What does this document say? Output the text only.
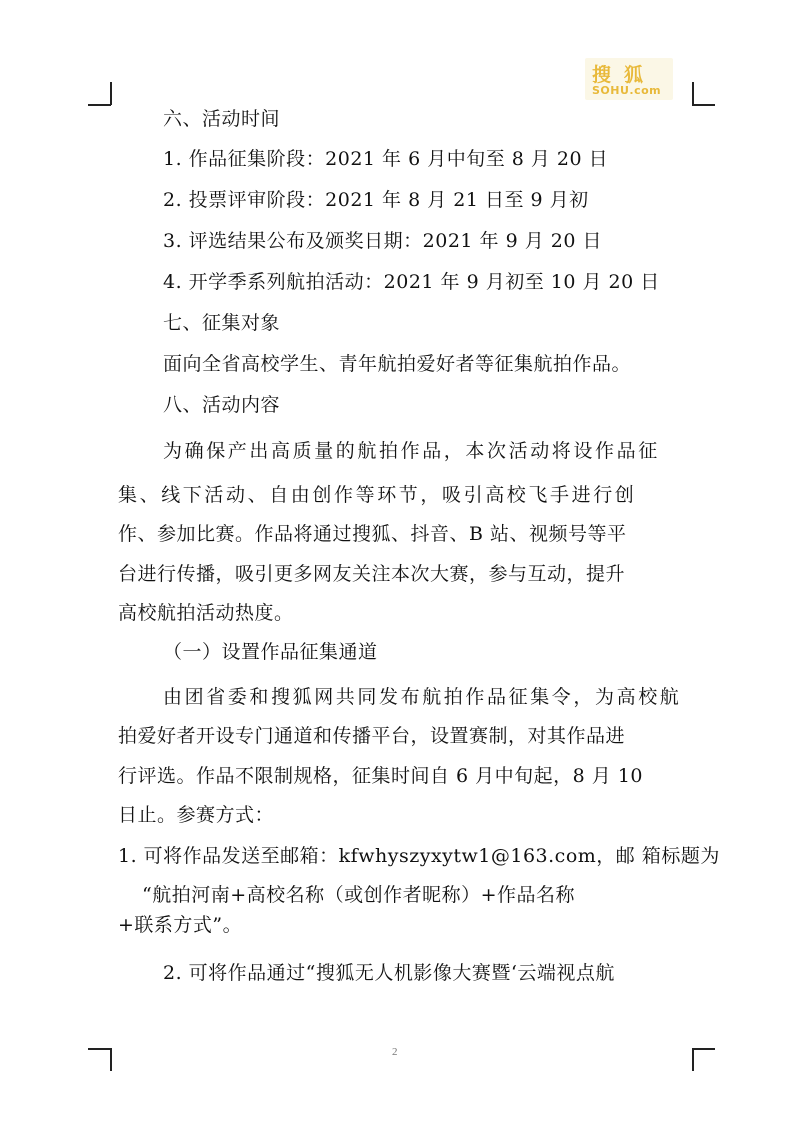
搜狐
SOHU.com
六、活动时间
1. 作品征集阶段：2021 年 6 月中旬至 8 月 20 日
2. 投票评审阶段：2021 年 8 月 21 日至 9 月初
3. 评选结果公布及颁奖日期：2021 年 9 月 20 日
4. 开学季系列航拍活动：2021 年 9 月初至 10 月 20 日
七、征集对象
面向全省高校学生、青年航拍爱好者等征集航拍作品。
八、活动内容
为确保产出高质量的航拍作品，本次活动将设作品征
集、线下活动、自由创作等环节，吸引高校飞手进行创
作、参加比赛。作品将通过搜狐、抖音、B 站、视频号等平
台进行传播，吸引更多网友关注本次大赛，参与互动，提升
高校航拍活动热度。
（一）设置作品征集通道
由团省委和搜狐网共同发布航拍作品征集令，为高校航
拍爱好者开设专门通道和传播平台，设置赛制，对其作品进
行评选。作品不限制规格，征集时间自 6 月中旬起，8 月 10
日止。参赛方式：
1. 可将作品发送至邮箱：kfwhyszyxytw1@163.com，邮 箱标题为
“航拍河南+高校名称（或创作者昵称）+作品名称
+联系方式”。
2. 可将作品通过“搜狐无人机影像大赛暨‘云端视点航
2
